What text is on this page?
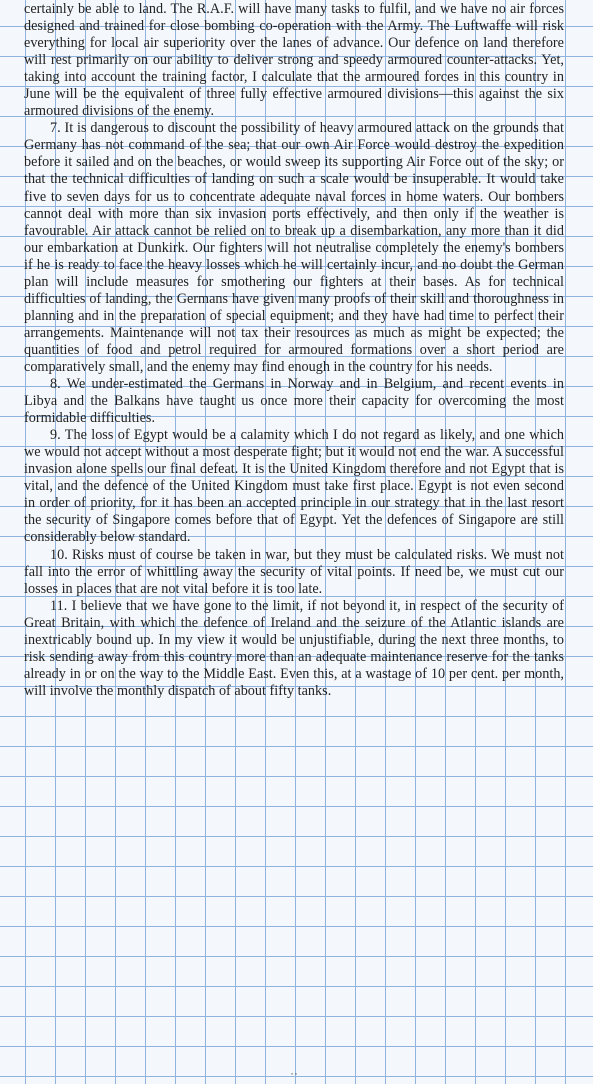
certainly be able to land. The R.A.F. will have many tasks to fulfil, and we have no air forces designed and trained for close bombing co-operation with the Army. The Luftwaffe will risk everything for local air superiority over the lanes of advance. Our defence on land therefore will rest primarily on our ability to deliver strong and speedy armoured counter-attacks. Yet, taking into account the training factor, I calculate that the armoured forces in this country in June will be the equivalent of three fully effective armoured divisions—this against the six armoured divisions of the enemy.

7. It is dangerous to discount the possibility of heavy armoured attack on the grounds that Germany has not command of the sea; that our own Air Force would destroy the expedition before it sailed and on the beaches, or would sweep its supporting Air Force out of the sky; or that the technical difficulties of landing on such a scale would be insuperable. It would take five to seven days for us to concentrate adequate naval forces in home waters. Our bombers cannot deal with more than six invasion ports effectively, and then only if the weather is favourable. Air attack cannot be relied on to break up a disembarkation, any more than it did our embarkation at Dunkirk. Our fighters will not neutralise completely the enemy's bombers if he is ready to face the heavy losses which he will certainly incur, and no doubt the German plan will include measures for smothering our fighters at their bases. As for technical difficulties of landing, the Germans have given many proofs of their skill and thoroughness in planning and in the preparation of special equipment; and they have had time to perfect their arrangements. Maintenance will not tax their resources as much as might be expected; the quantities of food and petrol required for armoured formations over a short period are comparatively small, and the enemy may find enough in the country for his needs.

8. We under-estimated the Germans in Norway and in Belgium, and recent events in Libya and the Balkans have taught us once more their capacity for overcoming the most formidable difficulties.

9. The loss of Egypt would be a calamity which I do not regard as likely, and one which we would not accept without a most desperate fight; but it would not end the war. A successful invasion alone spells our final defeat. It is the United Kingdom therefore and not Egypt that is vital, and the defence of the United Kingdom must take first place. Egypt is not even second in order of priority, for it has been an accepted principle in our strategy that in the last resort the security of Singapore comes before that of Egypt. Yet the defences of Singapore are still considerably below standard.

10. Risks must of course be taken in war, but they must be calculated risks. We must not fall into the error of whittling away the security of vital points. If need be, we must cut our losses in places that are not vital before it is too late.

11. I believe that we have gone to the limit, if not beyond it, in respect of the security of Great Britain, with which the defence of Ireland and the seizure of the Atlantic islands are inextricably bound up. In my view it would be unjustifiable, during the next three months, to risk sending away from this country more than an adequate maintenance reserve for the tanks already in or on the way to the Middle East. Even this, at a wastage of 10 per cent. per month, will involve the monthly dispatch of about fifty tanks.

˙˙
